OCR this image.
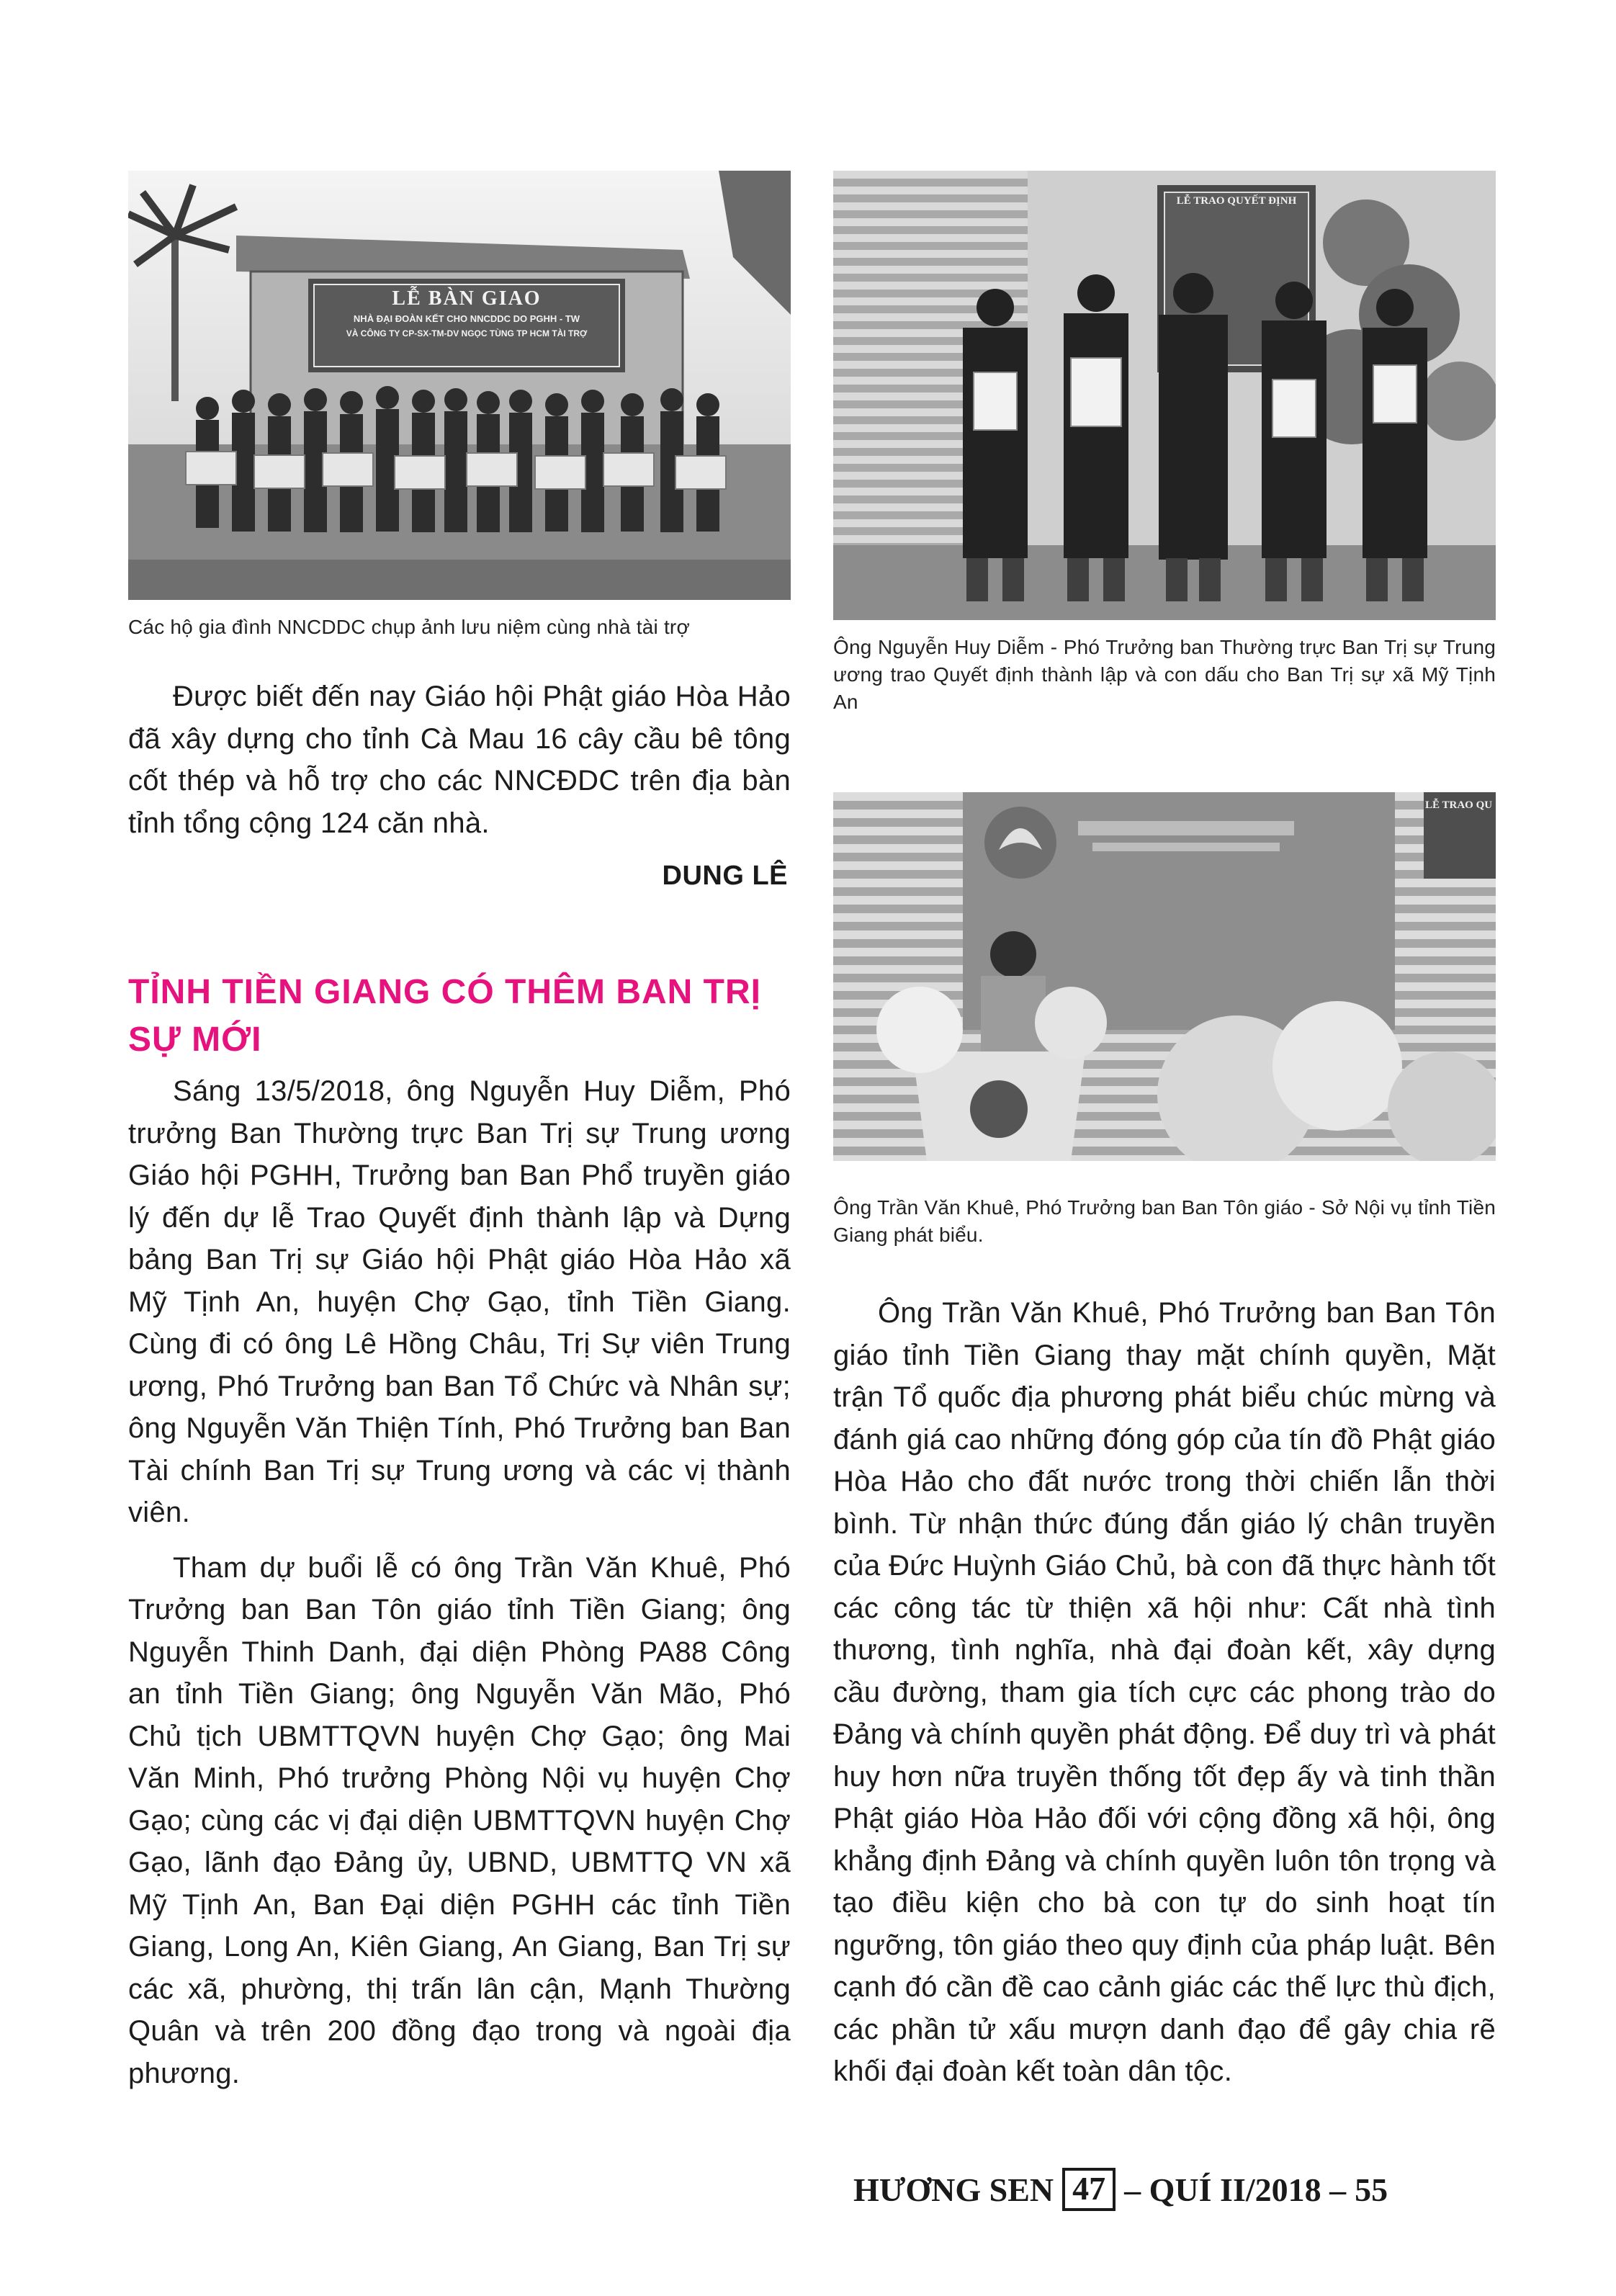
LỄ BÀN GIAO
NHÀ ĐẠI ĐOÀN KẾT CHO NNCDDC DO PGHH - TW
VÀ CÔNG TY CP-SX-TM-DV NGỌC TÙNG TP HCM TÀI TRỢ
Các hộ gia đình NNCDDC chụp ảnh lưu niệm cùng nhà tài trợ
LỄ TRAO QUYẾT ĐỊNH
Ông Nguyễn Huy Diễm - Phó Trưởng ban Thường trực Ban Trị sự Trung ương trao Quyết định thành lập và con dấu cho Ban Trị sự xã Mỹ Tịnh An
LỄ TRAO QU
Ông Trần Văn Khuê, Phó Trưởng ban Ban Tôn giáo - Sở Nội vụ tỉnh Tiền Giang phát biểu.

Được biết đến nay Giáo hội Phật giáo Hòa Hảo đã xây dựng cho tỉnh Cà Mau 16 cây cầu bê tông cốt thép và hỗ trợ cho các NNCĐDC trên địa bàn tỉnh tổng cộng 124 căn nhà.

DUNG LÊ
TỈNH TIỀN GIANG CÓ THÊM BAN TRỊ SỰ MỚI

Sáng 13/5/2018, ông Nguyễn Huy Diễm, Phó trưởng Ban Thường trực Ban Trị sự Trung ương Giáo hội PGHH, Trưởng ban Ban Phổ truyền giáo lý đến dự lễ Trao Quyết định thành lập và Dựng bảng Ban Trị sự Giáo hội Phật giáo Hòa Hảo xã Mỹ Tịnh An, huyện Chợ Gạo, tỉnh Tiền Giang. Cùng đi có ông Lê Hồng Châu, Trị Sự viên Trung ương, Phó Trưởng ban Ban Tổ Chức và Nhân sự; ông Nguyễn Văn Thiện Tính, Phó Trưởng ban Ban Tài chính Ban Trị sự Trung ương và các vị thành viên.

Tham dự buổi lễ có ông Trần Văn Khuê, Phó Trưởng ban Ban Tôn giáo tỉnh Tiền Giang; ông Nguyễn Thinh Danh, đại diện Phòng PA88 Công an tỉnh Tiền Giang; ông Nguyễn Văn Mão, Phó Chủ tịch UBMTTQVN huyện Chợ Gạo; ông Mai Văn Minh, Phó trưởng Phòng Nội vụ huyện Chợ Gạo; cùng các vị đại diện UBMTTQVN huyện Chợ Gạo, lãnh đạo Đảng ủy, UBND, UBMTTQ VN xã Mỹ Tịnh An, Ban Đại diện PGHH các tỉnh Tiền Giang, Long An, Kiên Giang, An Giang, Ban Trị sự các xã, phường, thị trấn lân cận, Mạnh Thường Quân và trên 200 đồng đạo trong và ngoài địa phương.

Ông Trần Văn Khuê, Phó Trưởng ban Ban Tôn giáo tỉnh Tiền Giang thay mặt chính quyền, Mặt trận Tổ quốc địa phương phát biểu chúc mừng và đánh giá cao những đóng góp của tín đồ Phật giáo Hòa Hảo cho đất nước trong thời chiến lẫn thời bình. Từ nhận thức đúng đắn giáo lý chân truyền của Đức Huỳnh Giáo Chủ, bà con đã thực hành tốt các công tác từ thiện xã hội như: Cất nhà tình thương, tình nghĩa, nhà đại đoàn kết, xây dựng cầu đường, tham gia tích cực các phong trào do Đảng và chính quyền phát động. Để duy trì và phát huy hơn nữa truyền thống tốt đẹp ấy và tinh thần Phật giáo Hòa Hảo đối với cộng đồng xã hội, ông khẳng định Đảng và chính quyền luôn tôn trọng và tạo điều kiện cho bà con tự do sinh hoạt tín ngưỡng, tôn giáo theo quy định của pháp luật. Bên cạnh đó cần đề cao cảnh giác các thế lực thù địch, các phần tử xấu mượn danh đạo để gây chia rẽ khối đại đoàn kết toàn dân tộc.

HƯƠNG SEN 47 – QUÍ II/2018 – 55
